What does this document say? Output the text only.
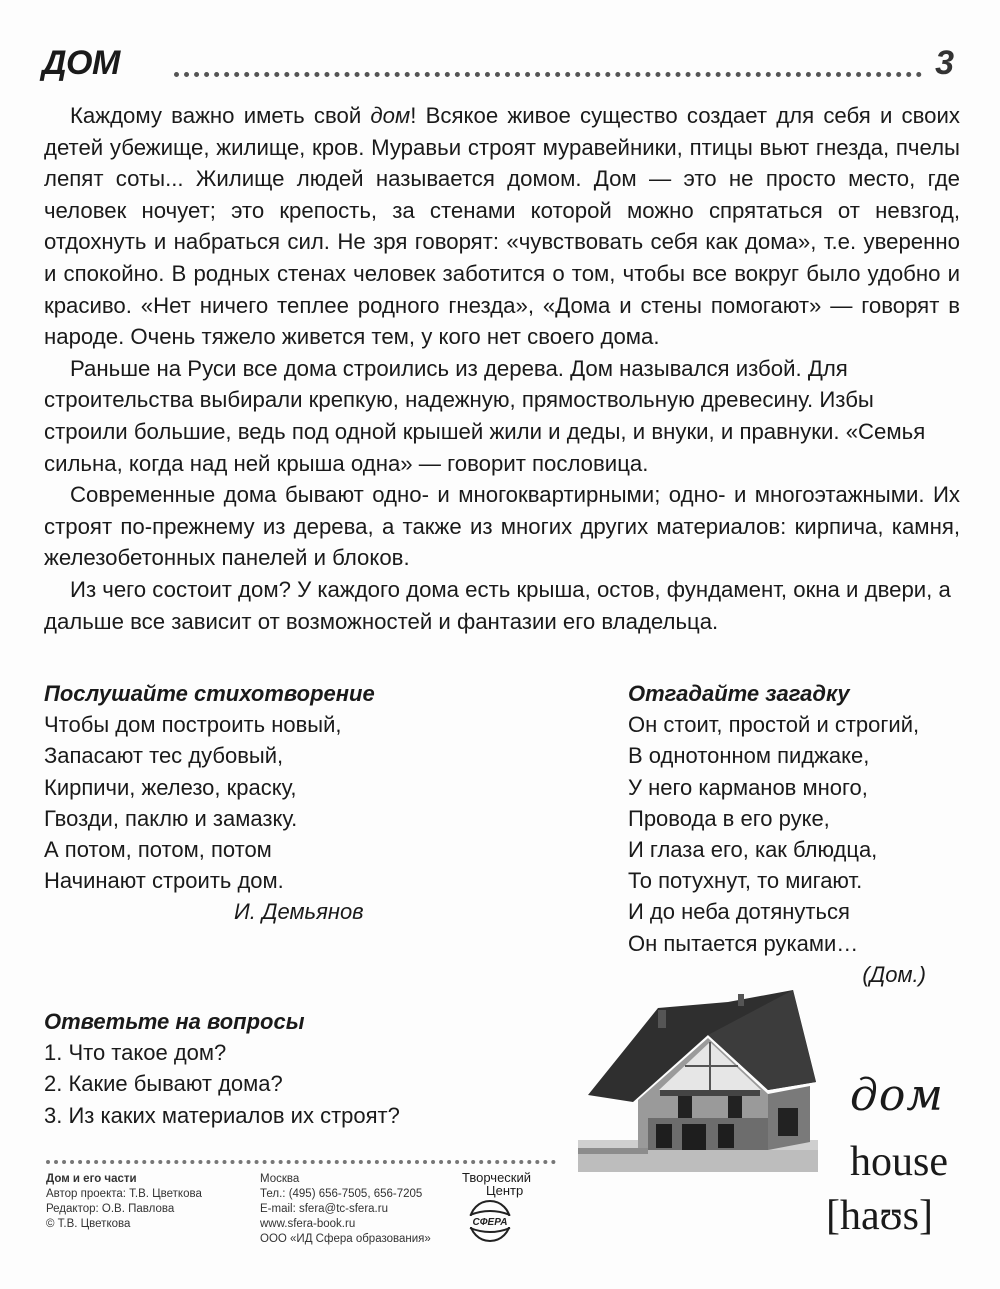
ДОМ	3

Каждому важно иметь свой дом! Всякое живое существо создает для себя и своих детей убежище, жилище, кров. Муравьи строят муравейники, птицы вьют гнезда, пчелы лепят соты... Жилище людей называется домом. Дом — это не просто место, где человек ночует; это крепость, за стенами которой можно спрятаться от невзгод, отдохнуть и набраться сил. Не зря говорят: «чувствовать себя как дома», т.е. уверенно и спокойно. В родных стенах человек заботится о том, чтобы все вокруг было удобно и красиво. «Нет ничего теплее родного гнезда», «Дома и стены помогают» — говорят в народе. Очень тяжело живется тем, у кого нет своего дома.

Раньше на Руси все дома строились из дерева. Дом назывался избой. Для строительства выбирали крепкую, надежную, прямоствольную древесину. Избы строили большие, ведь под одной крышей жили и деды, и внуки, и правнуки. «Семья сильна, когда над ней крыша одна» — говорит пословица.

Современные дома бывают одно- и многоквартирными; одно- и многоэтажными. Их строят по-прежнему из дерева, а также из многих других материалов: кирпича, камня, железобетонных панелей и блоков.

Из чего состоит дом? У каждого дома есть крыша, остов, фундамент, окна и двери, а дальше все зависит от возможностей и фантазии его владельца.

Послушайте стихотворение
Чтобы дом построить новый,
Запасают тес дубовый,
Кирпичи, железо, краску,
Гвозди, паклю и замазку.
А потом, потом, потом
Начинают строить дом.
И. Демьянов
Отгадайте загадку
Он стоит, простой и строгий,
В однотонном пиджаке,
У него карманов много,
Провода в его руке,
И глаза его, как блюдца,
То потухнут, то мигают.
И до неба дотянуться
Он пытается руками…
(Дом.)
Ответьте на вопросы
1. Что такое дом?
2. Какие бывают дома?
3. Из каких материалов их строят?	дом
house
[haʊs]
Дом и его части
Автор проекта: Т.В. Цветкова
Редактор: О.В. Павлова
© Т.В. Цветкова
Москва
Тел.: (495) 656-7505, 656-7205
E-mail: sfera@tc-sfera.ru
www.sfera-book.ru
ООО «ИД Сфера образования»
Творческий
Центр
СФЕРА
